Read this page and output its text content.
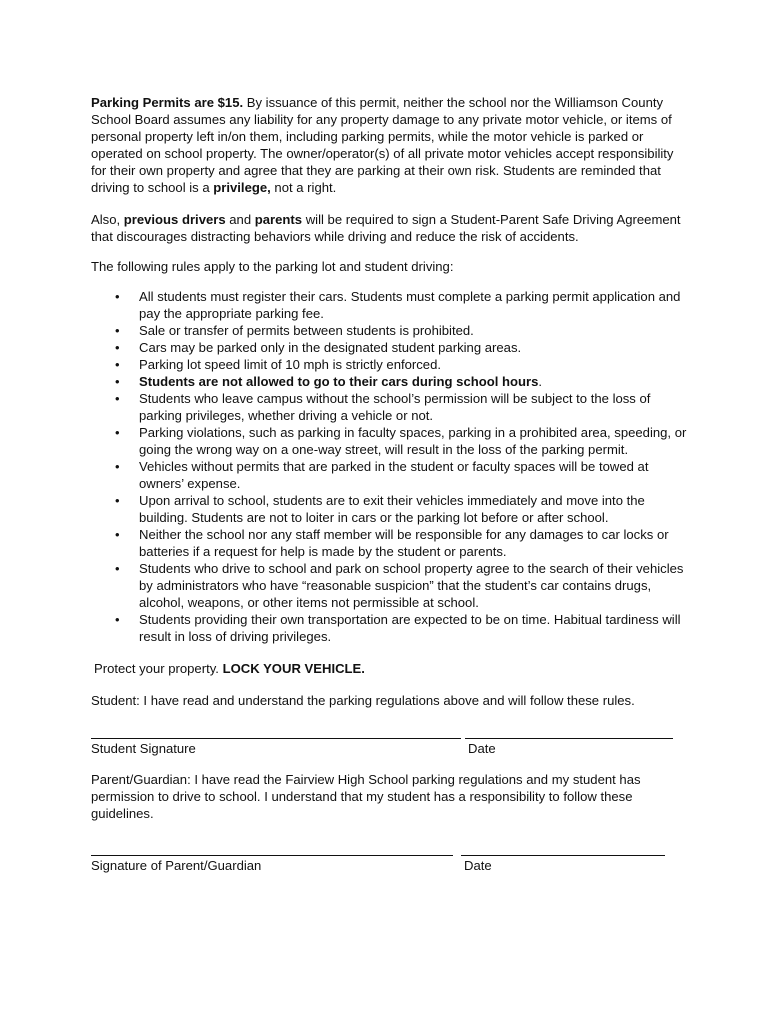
Parking Permits are $15. By issuance of this permit, neither the school nor the Williamson County School Board assumes any liability for any property damage to any private motor vehicle, or items of personal property left in/on them, including parking permits, while the motor vehicle is parked or operated on school property. The owner/operator(s) of all private motor vehicles accept responsibility for their own property and agree that they are parking at their own risk. Students are reminded that driving to school is a privilege, not a right.

Also, previous drivers and parents will be required to sign a Student-Parent Safe Driving Agreement that discourages distracting behaviors while driving and reduce the risk of accidents.

The following rules apply to the parking lot and student driving:

• All students must register their cars. Students must complete a parking permit application and pay the appropriate parking fee.
• Sale or transfer of permits between students is prohibited.
• Cars may be parked only in the designated student parking areas.
• Parking lot speed limit of 10 mph is strictly enforced.
• Students are not allowed to go to their cars during school hours.
• Students who leave campus without the school’s permission will be subject to the loss of parking privileges, whether driving a vehicle or not.
• Parking violations, such as parking in faculty spaces, parking in a prohibited area, speeding, or going the wrong way on a one-way street, will result in the loss of the parking permit.
• Vehicles without permits that are parked in the student or faculty spaces will be towed at owners’ expense.
• Upon arrival to school, students are to exit their vehicles immediately and move into the building. Students are not to loiter in cars or the parking lot before or after school.
• Neither the school nor any staff member will be responsible for any damages to car locks or batteries if a request for help is made by the student or parents.
• Students who drive to school and park on school property agree to the search of their vehicles by administrators who have “reasonable suspicion” that the student’s car contains drugs, alcohol, weapons, or other items not permissible at school.
• Students providing their own transportation are expected to be on time. Habitual tardiness will result in loss of driving privileges.

Protect your property. LOCK YOUR VEHICLE.

Student: I have read and understand the parking regulations above and will follow these rules.

Student Signature	Date

Parent/Guardian: I have read the Fairview High School parking regulations and my student has permission to drive to school. I understand that my student has a responsibility to follow these guidelines.

Signature of Parent/Guardian	Date
